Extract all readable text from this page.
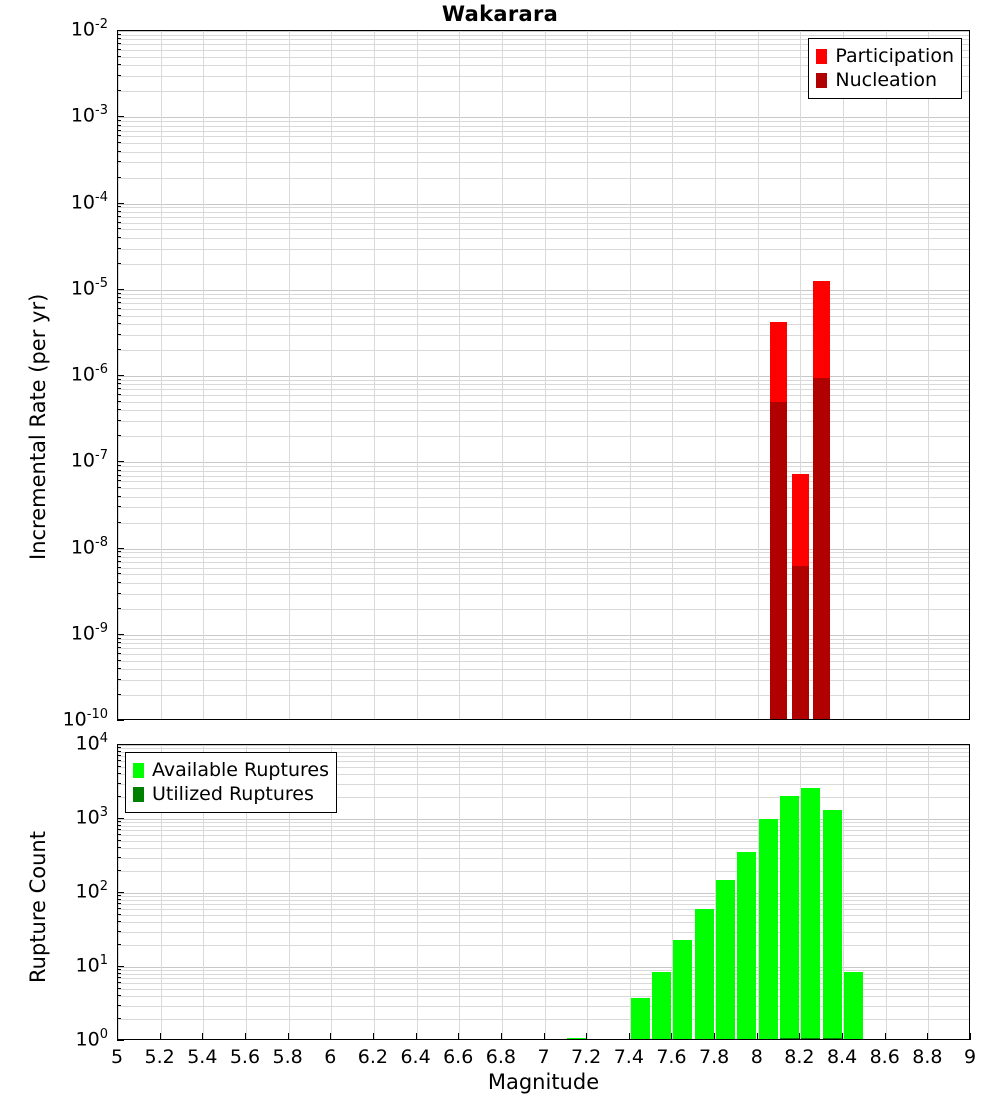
Wakarara
Participation
Nucleation
Available Ruptures
Utilized Ruptures
Magnitude
Incremental Rate (per yr)
Rupture Count
$10^{-2}$
$10^{-3}$
$10^{-4}$
$10^{-5}$
$10^{-6}$
$10^{-7}$
$10^{-8}$
$10^{-9}$
$10^{-10}$
$10^4$
$10^3$
$10^2$
$10^1$
$10^0$
5	5.2 5.4 5.6 5.8	6	6.2 6.4 6.6 6.8	7	7.2 7.4 7.6 7.8	8	8.2 8.4 8.6 8.8	9
